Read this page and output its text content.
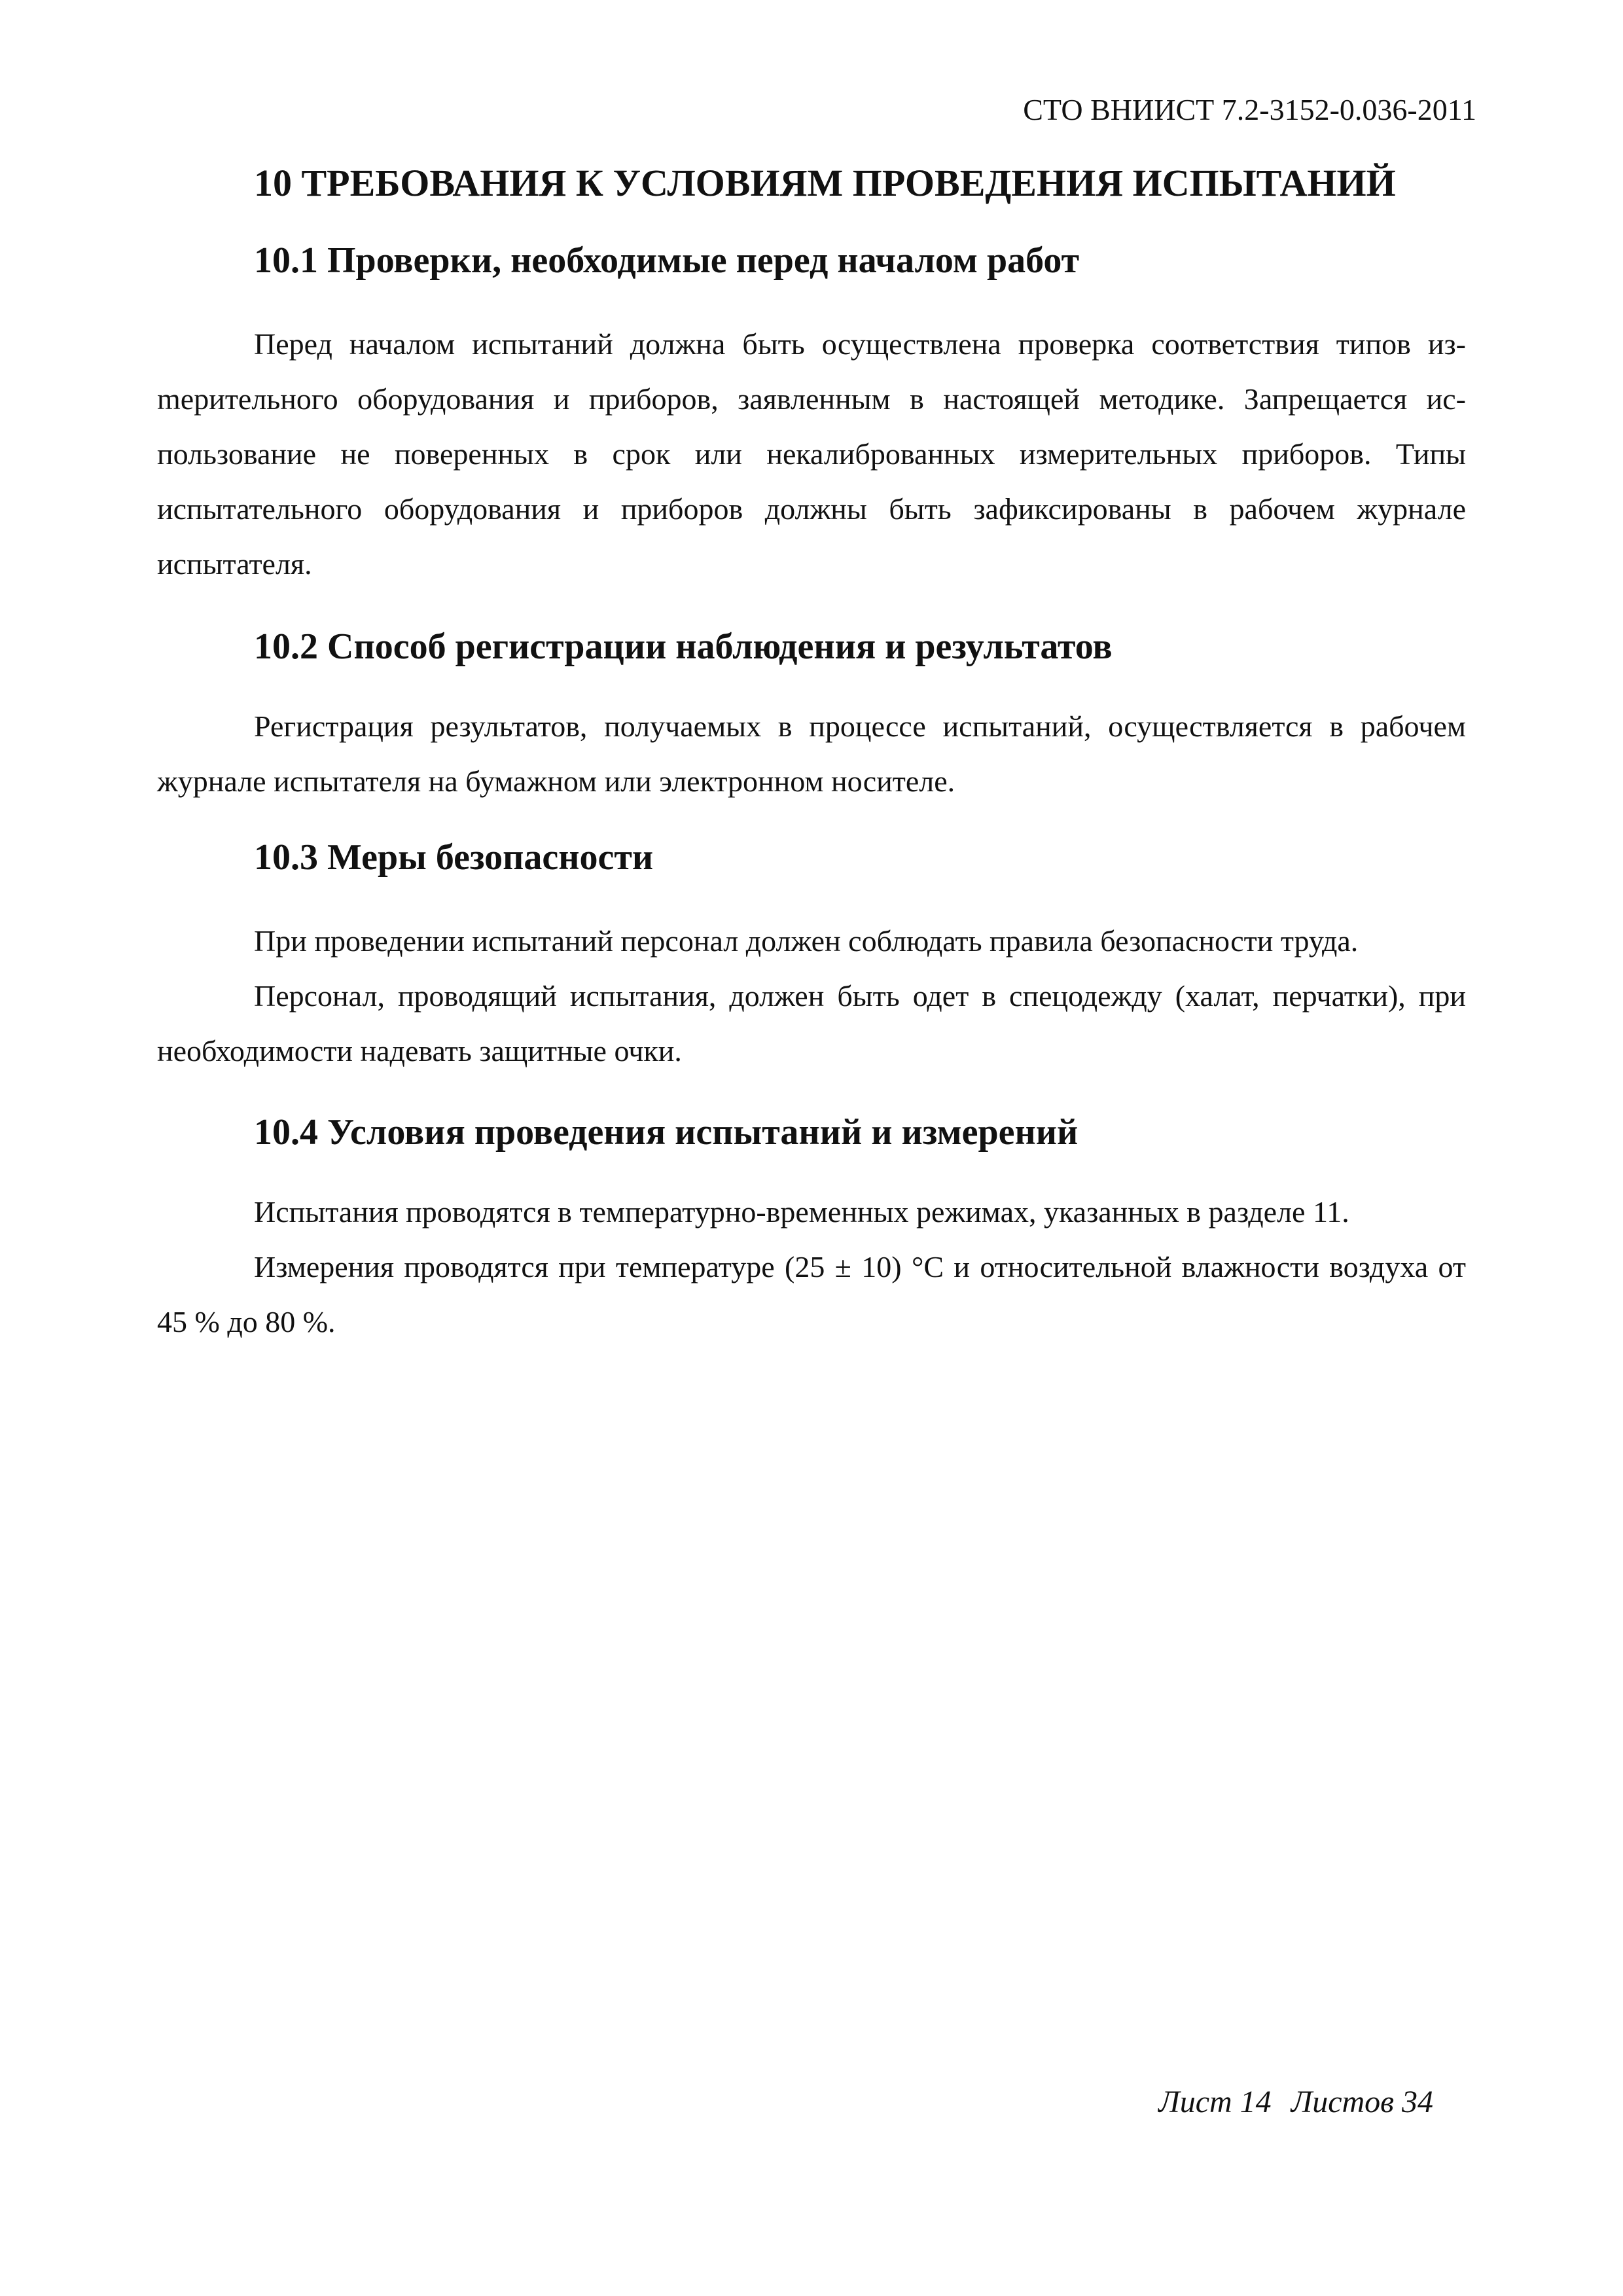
СТО ВНИИСТ 7.2-3152-0.036-2011
10 ТРЕБОВАНИЯ К УСЛОВИЯМ ПРОВЕДЕНИЯ ИСПЫТАНИЙ
10.1 Проверки, необходимые перед началом работ

Перед началом испытаний должна быть осуществлена проверка соответствия типов изmерительного оборудования и приборов, заявленным в настоящей методике. Запрещается использование не поверенных в срок или некалиброванных измерительных приборов. Типы испытательного оборудования и приборов должны быть зафиксированы в рабочем журнале испытателя.

10.2 Способ регистрации наблюдения и результатов

Регистрация результатов, получаемых в процессе испытаний, осуществляется в рабочем журнале испытателя на бумажном или электронном носителе.

10.3 Меры безопасности

При проведении испытаний персонал должен соблюдать правила безопасности труда.

Персонал, проводящий испытания, должен быть одет в спецодежду (халат, перчатки), при необходимости надевать защитные очки.

10.4 Условия проведения испытаний и измерений

Испытания проводятся в температурно-временных режимах, указанных в разделе 11.

Измерения проводятся при температуре (25 ± 10) °С и относительной влажности воздуха от 45 % до 80 %.

Лист 14 Листов 34
